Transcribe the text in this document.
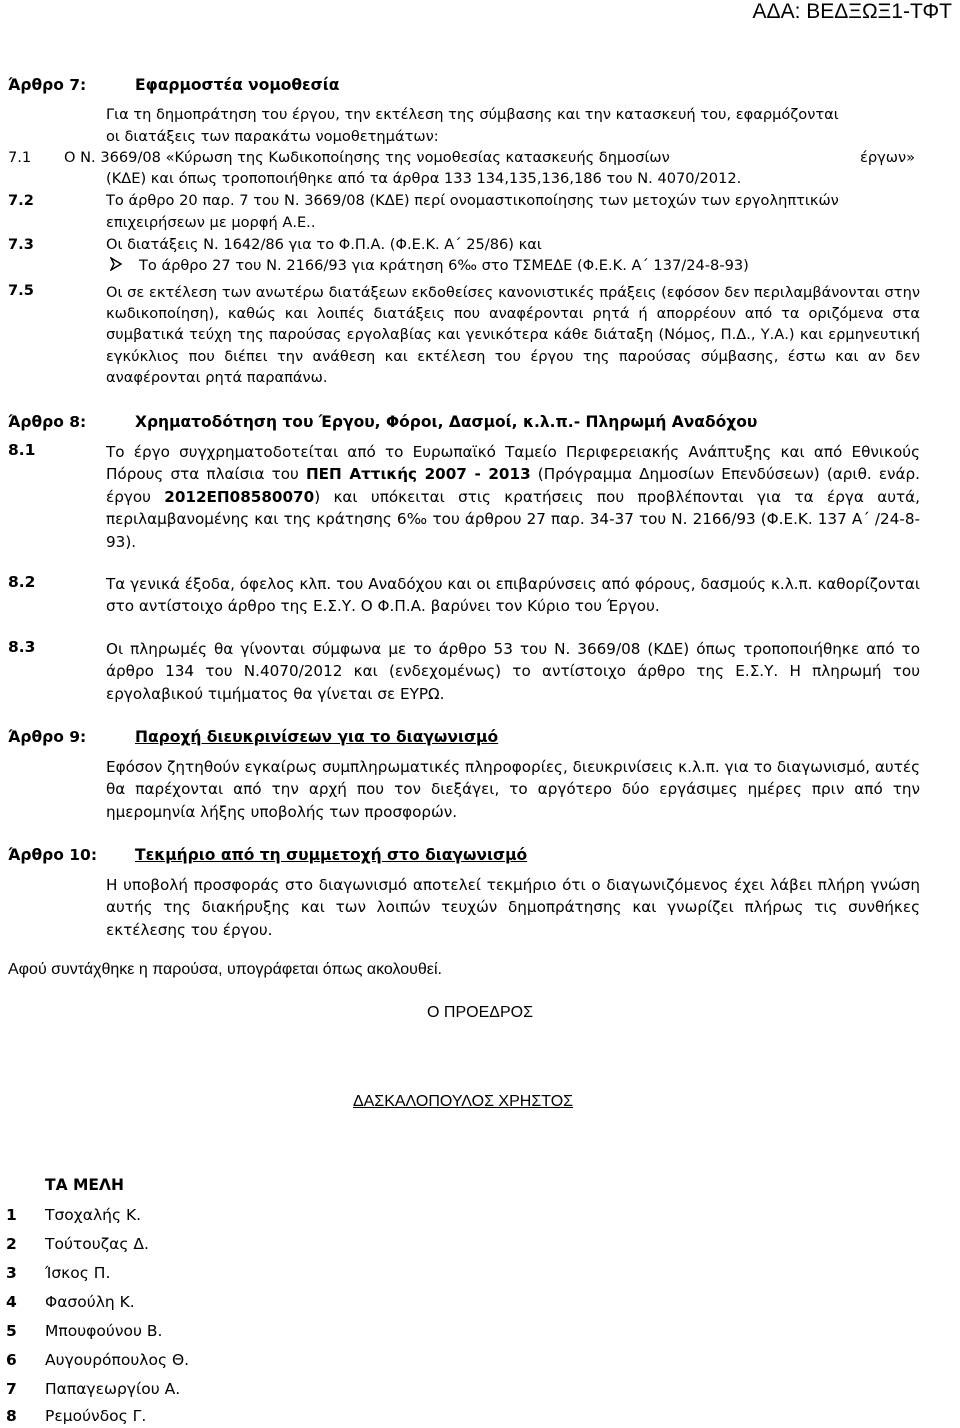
ΑΔΑ: ΒΕΔΞΩΞ1-ΤΦΤ
Άρθρο 7:	Εφαρμοστέα νομοθεσία
Για τη δημοπράτηση του έργου, την εκτέλεση της σύμβασης και την κατασκευή του, εφαρμόζονται
οι διατάξεις των παρακάτω νομοθετημάτων:
7.1 Ο Ν. 3669/08 «Κύρωση της Κωδικοποίησης της νομοθεσίας κατασκευής δημοσίων	έργων»
(ΚΔΕ) και όπως τροποποιήθηκε από τα άρθρα 133 134,135,136,186 του Ν. 4070/2012.
7.2	Το άρθρο 20 παρ. 7 του Ν. 3669/08 (ΚΔΕ) περί ονομαστικοποίησης των μετοχών των εργοληπτικών
επιχειρήσεων με μορφή Α.Ε..
7.3	Οι διατάξεις Ν. 1642/86 για το Φ.Π.Α. (Φ.Ε.Κ. Α΄ 25/86) και
Το άρθρο 27 του Ν. 2166/93 για κράτηση 6‰ στο ΤΣΜΕΔΕ (Φ.Ε.Κ. Α΄ 137/24-8-93)
7.5	Οι σε εκτέλεση των ανωτέρω διατάξεων εκδοθείσες κανονιστικές πράξεις (εφόσον δεν περιλαμβάνονται στην κωδικοποίηση), καθώς και λοιπές διατάξεις που αναφέρονται ρητά ή απορρέουν από τα οριζόμενα στα συμβατικά τεύχη της παρούσας εργολαβίας και γενικότερα κάθε διάταξη (Νόμος, Π.Δ., Υ.Α.) και ερμηνευτική εγκύκλιος που διέπει την ανάθεση και εκτέλεση του έργου της παρούσας σύμβασης, έστω και αν δεν αναφέρονται ρητά παραπάνω.
Άρθρο 8:	Χρηματοδότηση του Έργου, Φόροι, Δασμοί, κ.λ.π.- Πληρωμή Αναδόχου
8.1	Το έργο συγχρηματοδοτείται από το Ευρωπαϊκό Ταμείο Περιφερειακής Ανάπτυξης και από Εθνικούς Πόρους στα πλαίσια του ΠΕΠ Αττικής 2007 - 2013 (Πρόγραμμα Δημοσίων Επενδύσεων) (αριθ. ενάρ. έργου 2012ΕΠ08580070) και υπόκειται στις κρατήσεις που προβλέπονται για τα έργα αυτά, περιλαμβανομένης και της κράτησης 6‰ του άρθρου 27 παρ. 34-37 του Ν. 2166/93 (Φ.Ε.Κ. 137 Α΄ /24-8-93).
8.2	Τα γενικά έξοδα, όφελος κλπ. του Αναδόχου και οι επιβαρύνσεις από φόρους, δασμούς κ.λ.π. καθορίζονται στο αντίστοιχο άρθρο της Ε.Σ.Υ. Ο Φ.Π.Α. βαρύνει τον Κύριο του Έργου.
8.3	Οι πληρωμές θα γίνονται σύμφωνα με το άρθρο 53 του Ν. 3669/08 (ΚΔΕ) όπως τροποποιήθηκε από το άρθρο 134 του Ν.4070/2012 και (ενδεχομένως) το αντίστοιχο άρθρο της Ε.Σ.Υ. Η πληρωμή του εργολαβικού τιμήματος θα γίνεται σε ΕΥΡΩ.
Άρθρο 9:	Παροχή διευκρινίσεων για το διαγωνισμό
Εφόσον ζητηθούν εγκαίρως συμπληρωματικές πληροφορίες, διευκρινίσεις κ.λ.π. για το διαγωνισμό, αυτές θα παρέχονται από την αρχή που τον διεξάγει, το αργότερο δύο εργάσιμες ημέρες πριν από την ημερομηνία λήξης υποβολής των προσφορών.
Άρθρο 10: Τεκμήριο από τη συμμετοχή στο διαγωνισμό
Η υποβολή προσφοράς στο διαγωνισμό αποτελεί τεκμήριο ότι ο διαγωνιζόμενος έχει λάβει πλήρη γνώση αυτής της διακήρυξης και των λοιπών τευχών δημοπράτησης και γνωρίζει πλήρως τις συνθήκες εκτέλεσης του έργου.
Αφού συντάχθηκε η παρούσα, υπογράφεται όπως ακολουθεί.
Ο ΠΡΟΕΔΡΟΣ
ΔΑΣΚΑΛΟΠΟΥΛΟΣ ΧΡΗΣΤΟΣ
ΤΑ ΜΕΛΗ
1 Τσοχαλής Κ.
2 Τούτουζας Δ.
3 Ίσκος Π.
4 Φασούλη Κ.
5 Μπουφούνου Β.
6 Αυγουρόπουλος Θ.
7 Παπαγεωργίου Α.
8 Ρεμούνδος Γ.
